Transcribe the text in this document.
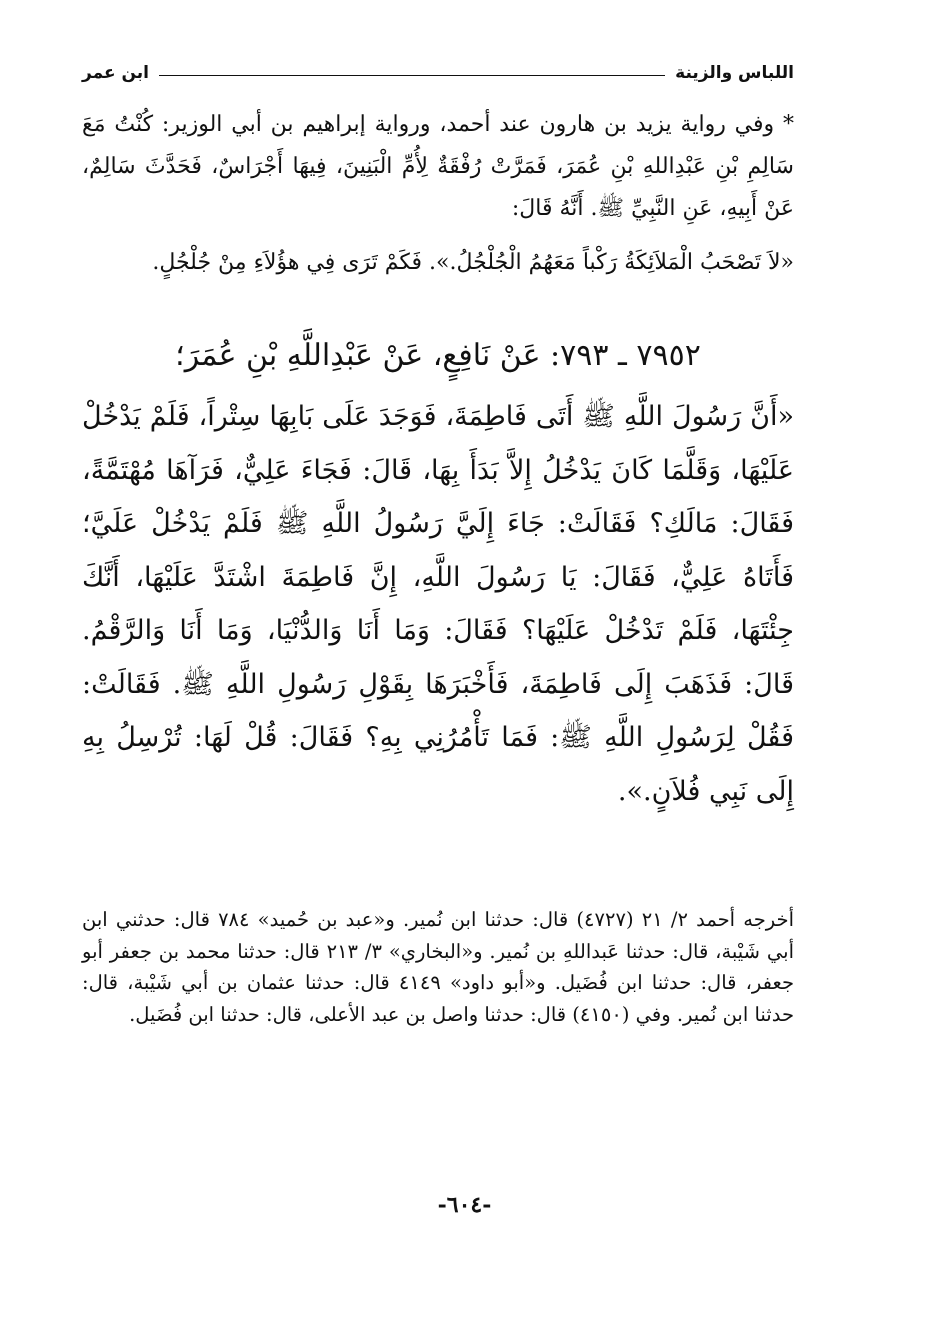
اللباس والزينة
ابن عمر

* وفي رواية يزيد بن هارون عند أحمد، ورواية إبراهيم بن أبي الوزير: كُنْتُ مَعَ سَالِمِ بْنِ عَبْدِاللهِ بْنِ عُمَرَ، فَمَرَّتْ رُفْقَةٌ لِأُمِّ الْبَنِينَ، فِيهَا أَجْرَاسٌ، فَحَدَّثَ سَالِمٌ، عَنْ أَبِيهِ، عَنِ النَّبِيِّ ﷺ. أَنَّهُ قَالَ:

«لاَ تَصْحَبُ الْمَلاَئِكَةُ رَكْباً مَعَهُمُ الْجُلْجُلُ.». فَكَمْ تَرَى فِي هؤُلاَءِ مِنْ جُلْجُلٍ.

٧٩٥٢ ـ ٧٩٣: عَنْ نَافِعٍ، عَنْ عَبْدِاللَّهِ بْنِ عُمَرَ؛

«أَنَّ رَسُولَ اللَّهِ ﷺ أَتَى فَاطِمَةَ، فَوَجَدَ عَلَى بَابِهَا سِتْراً، فَلَمْ يَدْخُلْ عَلَيْهَا، وَقَلَّمَا كَانَ يَدْخُلُ إِلاَّ بَدَأَ بِهَا، قَالَ: فَجَاءَ عَلِيٌّ، فَرَآهَا مُهْتَمَّةً، فَقَالَ: مَالَكِ؟ فَقَالَتْ: جَاءَ إِلَيَّ رَسُولُ اللَّهِ ﷺ فَلَمْ يَدْخُلْ عَلَيَّ؛ فَأَتَاهُ عَلِيٌّ، فَقَالَ: يَا رَسُولَ اللَّهِ، إِنَّ فَاطِمَةَ اشْتَدَّ عَلَيْهَا، أَنَّكَ جِئْتَهَا، فَلَمْ تَدْخُلْ عَلَيْهَا؟ فَقَالَ: وَمَا أَنَا وَالدُّنْيَا، وَمَا أَنَا وَالرَّقْمُ. قَالَ: فَذَهَبَ إِلَى فَاطِمَةَ، فَأَخْبَرَهَا بِقَوْلِ رَسُولِ اللَّهِ ﷺ. فَقَالَتْ: فَقُلْ لِرَسُولِ اللَّهِ ﷺ: فَمَا تَأْمُرُنِي بِهِ؟ فَقَالَ: قُلْ لَهَا: تُرْسِلُ بِهِ إِلَى نَبِي فُلاَنٍ.».

أخرجه أحمد ٢/ ٢١ (٤٧٢٧) قال: حدثنا ابن نُمير. و«عبد بن حُميد» ٧٨٤ قال: حدثني ابن أبي شَيْبة، قال: حدثنا عَبداللهِ بن نُمير. و«البخاري» ٣/ ٢١٣ قال: حدثنا محمد بن جعفر أبو جعفر، قال: حدثنا ابن فُضَيل. و«أبو داود» ٤١٤٩ قال: حدثنا عثمان بن أبي شَيْبة، قال: حدثنا ابن نُمير. وفي (٤١٥٠) قال: حدثنا واصل بن عبد الأعلى، قال: حدثنا ابن فُضَيل.

-٦٠٤-
